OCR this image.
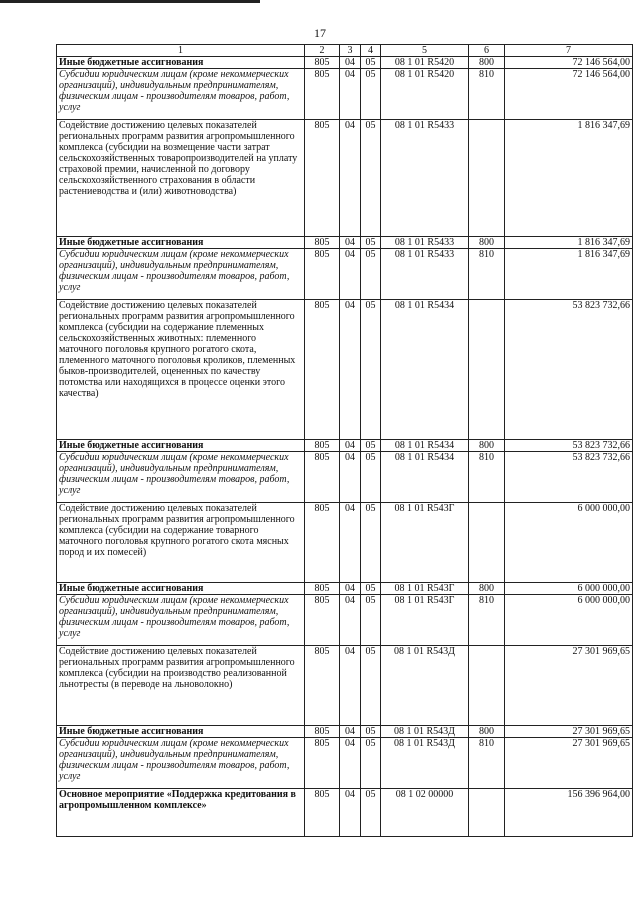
17
1	2	3	4	5	6	7
Иные бюджетные ассигнования	805	04	05	08 1 01 R5420	800	72 146 564,00
Субсидии юридическим лицам (кроме некоммерческих организаций), индивидуальным предпринимателям, физическим лицам - производителям товаров, работ, услуг	805	04	05	08 1 01 R5420	810	72 146 564,00
Содействие достижению целевых показателей региональных программ развития агропромышленного комплекса (субсидии на возмещение части затрат сельскохозяйственных товаропроизводителей на уплату страховой премии, начисленной по договору сельскохозяйственного страхования в области растениеводства и (или) животноводства)	805	04	05	08 1 01 R5433		1 816 347,69
Иные бюджетные ассигнования	805	04	05	08 1 01 R5433	800	1 816 347,69
Субсидии юридическим лицам (кроме некоммерческих организаций), индивидуальным предпринимателям, физическим лицам - производителям товаров, работ, услуг	805	04	05	08 1 01 R5433	810	1 816 347,69
Содействие достижению целевых показателей региональных программ развития агропромышленного комплекса (субсидии на содержание племенных сельскохозяйственных животных: племенного маточного поголовья крупного рогатого скота, племенного маточного поголовья кроликов, племенных быков-производителей, оцененных по качеству потомства или находящихся в процессе оценки этого качества)	805	04	05	08 1 01 R5434		53 823 732,66
Иные бюджетные ассигнования	805	04	05	08 1 01 R5434	800	53 823 732,66
Субсидии юридическим лицам (кроме некоммерческих организаций), индивидуальным предпринимателям, физическим лицам - производителям товаров, работ, услуг	805	04	05	08 1 01 R5434	810	53 823 732,66
Содействие достижению целевых показателей региональных программ развития агропромышленного комплекса (субсидии на содержание товарного маточного поголовья крупного рогатого скота мясных пород и их помесей)	805	04	05	08 1 01 R543Г		6 000 000,00
Иные бюджетные ассигнования	805	04	05	08 1 01 R543Г	800	6 000 000,00
Субсидии юридическим лицам (кроме некоммерческих организаций), индивидуальным предпринимателям, физическим лицам - производителям товаров, работ, услуг	805	04	05	08 1 01 R543Г	810	6 000 000,00
Содействие достижению целевых показателей региональных программ развития агропромышленного комплекса (субсидии на производство реализованной льнотресты (в переводе на льноволокно)	805	04	05	08 1 01 R543Д		27 301 969,65
Иные бюджетные ассигнования	805	04	05	08 1 01 R543Д	800	27 301 969,65
Субсидии юридическим лицам (кроме некоммерческих организаций), индивидуальным предпринимателям, физическим лицам - производителям товаров, работ, услуг	805	04	05	08 1 01 R543Д	810	27 301 969,65
Основное мероприятие «Поддержка кредитования в агропромышленном комплексе»	805	04	05	08 1 02 00000		156 396 964,00
